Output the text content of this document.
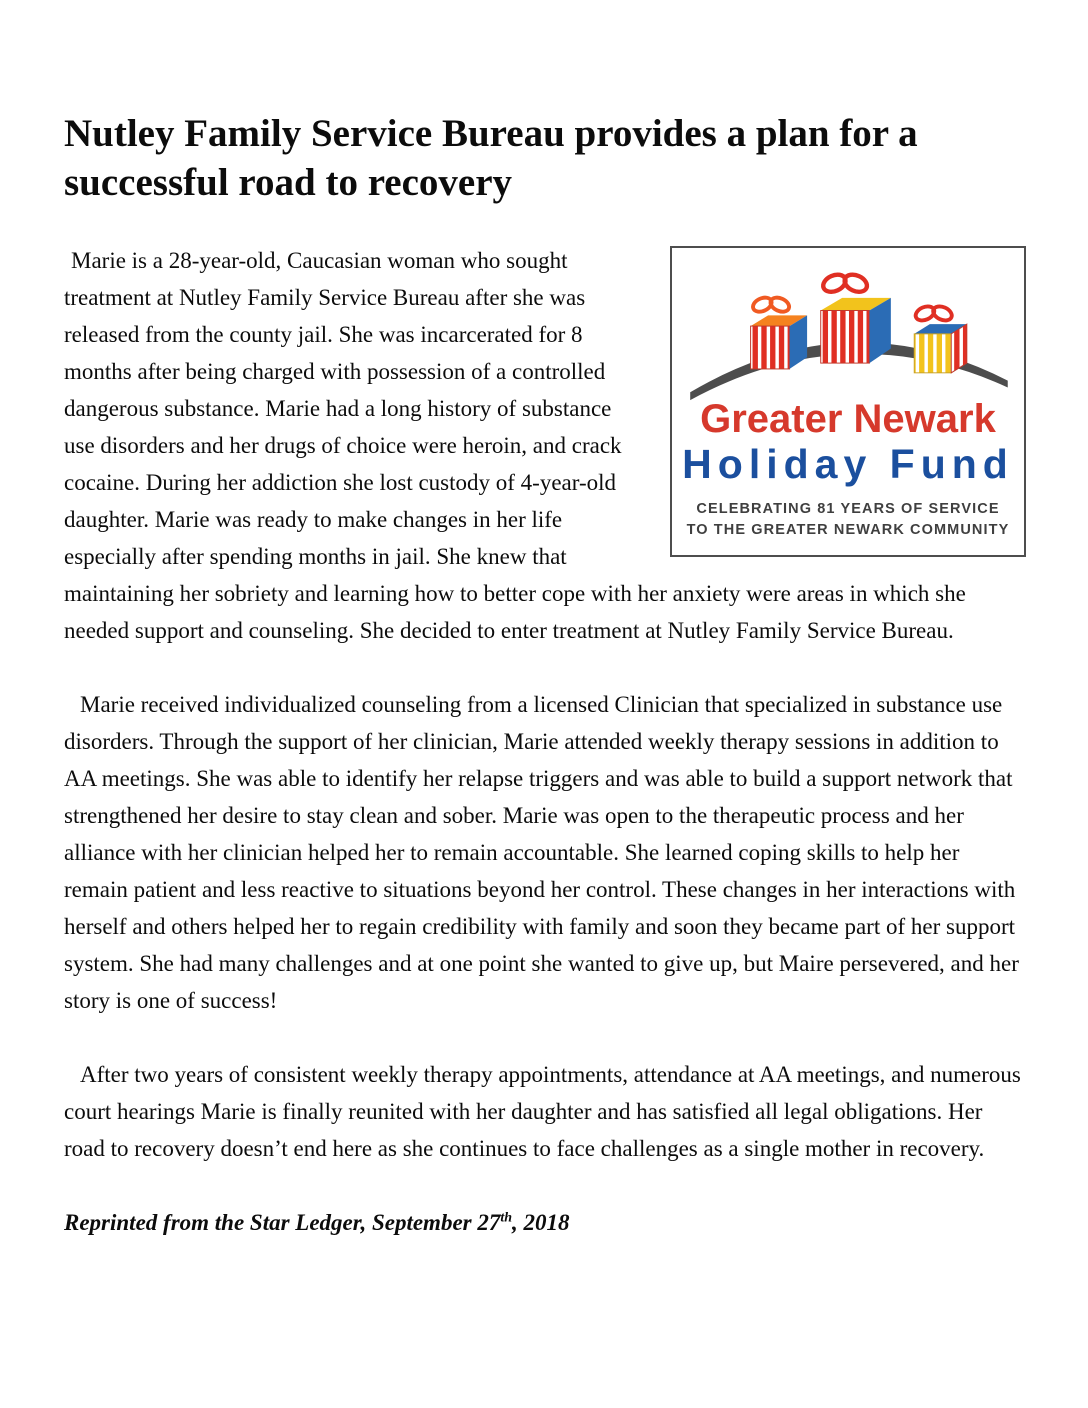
Nutley Family Service Bureau provides a plan for a successful road to recovery
Greater Newark
Holiday Fund
CELEBRATING 81 YEARS OF SERVICE
TO THE GREATER NEWARK COMMUNITY

Marie is a 28-year-old, Caucasian woman who sought treatment at Nutley Family Service Bureau after she was released from the county jail. She was incarcerated for 8 months after being charged with possession of a controlled dangerous substance. Marie had a long history of substance use disorders and her drugs of choice were heroin, and crack cocaine. During her addiction she lost custody of 4-year-old daughter. Marie was ready to make changes in her life especially after spending months in jail. She knew that maintaining her sobriety and learning how to better cope with her anxiety were areas in which she needed support and counseling. She decided to enter treatment at Nutley Family Service Bureau.

Marie received individualized counseling from a licensed Clinician that specialized in substance use disorders. Through the support of her clinician, Marie attended weekly therapy sessions in addition to AA meetings. She was able to identify her relapse triggers and was able to build a support network that strengthened her desire to stay clean and sober. Marie was open to the therapeutic process and her alliance with her clinician helped her to remain accountable. She learned coping skills to help her remain patient and less reactive to situations beyond her control. These changes in her interactions with herself and others helped her to regain credibility with family and soon they became part of her support system. She had many challenges and at one point she wanted to give up, but Maire persevered, and her story is one of success!

After two years of consistent weekly therapy appointments, attendance at AA meetings, and numerous court hearings Marie is finally reunited with her daughter and has satisfied all legal obligations. Her road to recovery doesn’t end here as she continues to face challenges as a single mother in recovery.

Reprinted from the Star Ledger, September 27th, 2018
